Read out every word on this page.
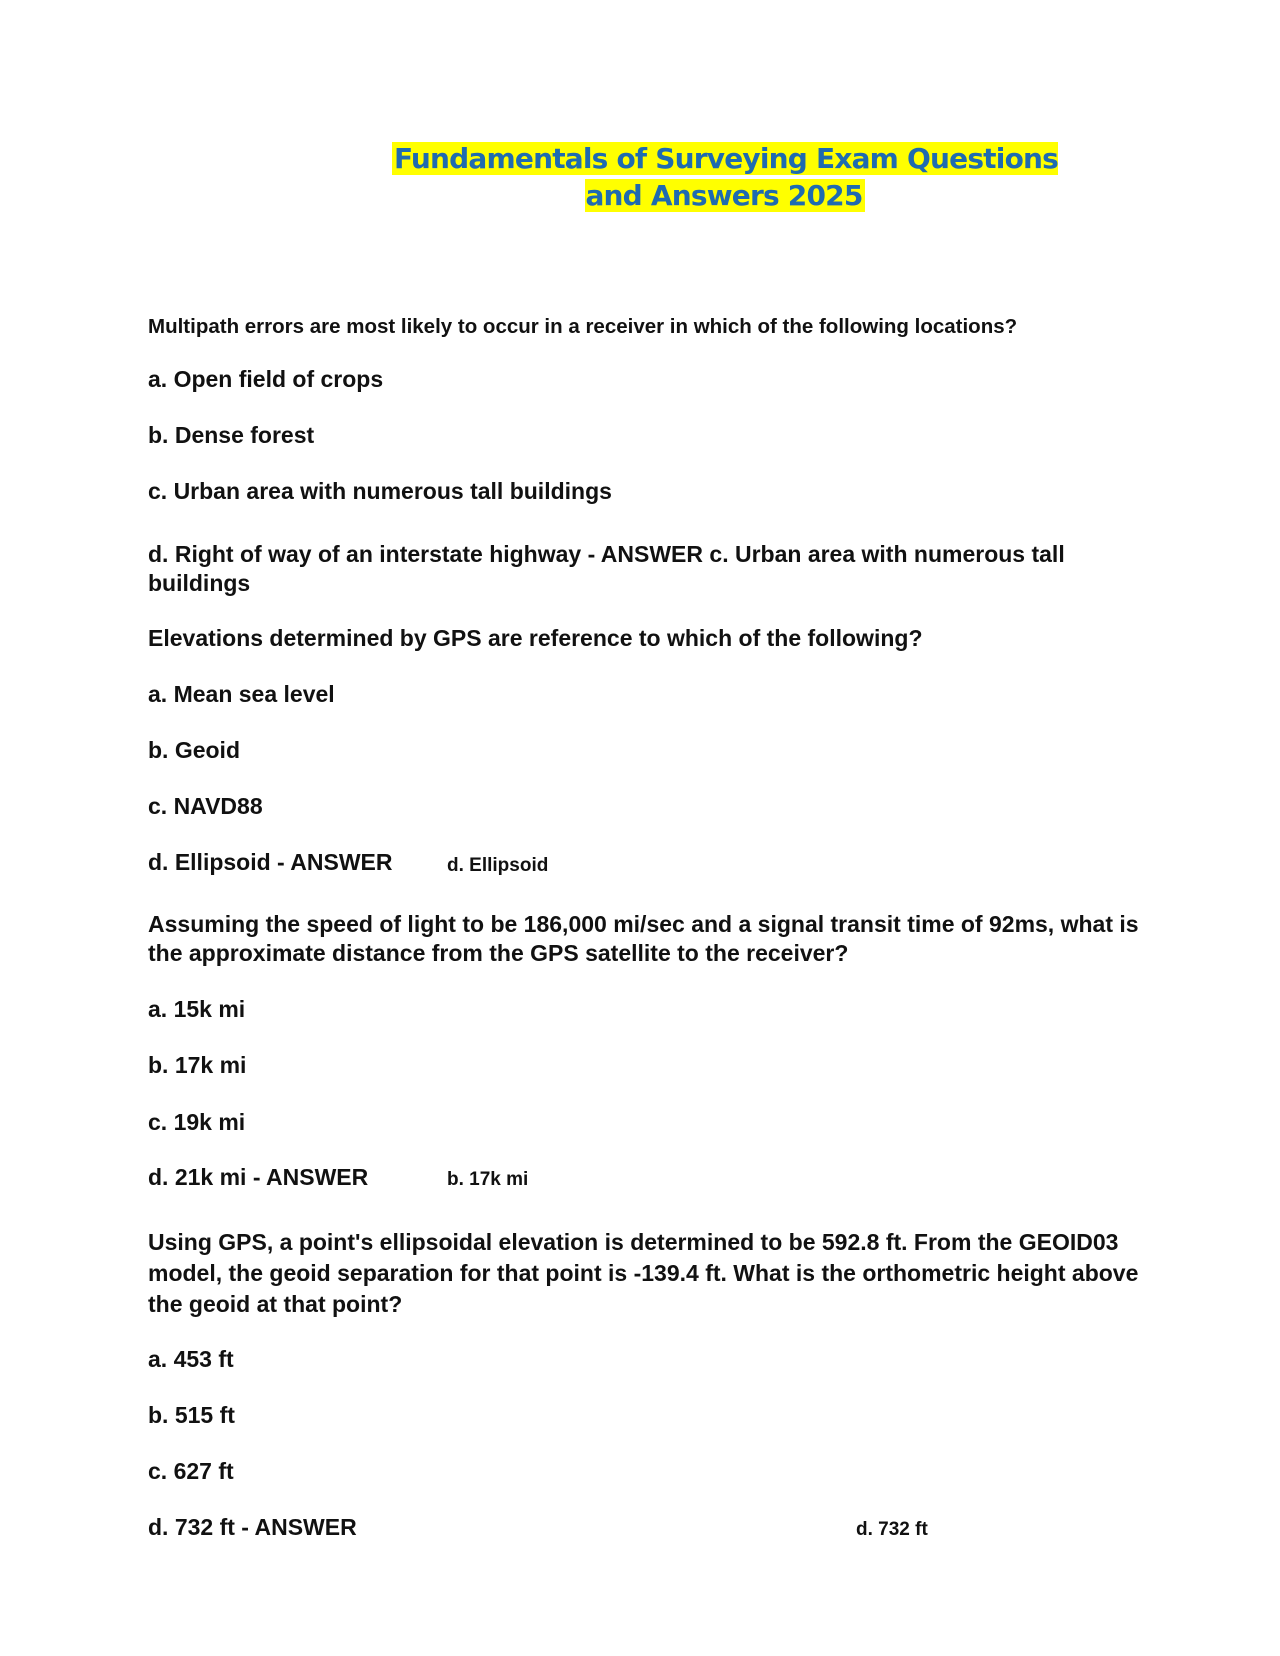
Fundamentals of Surveying Exam Questions and Answers 2025
Multipath errors are most likely to occur in a receiver in which of the following locations?
a. Open field of crops
b. Dense forest
c. Urban area with numerous tall buildings
d. Right of way of an interstate highway - ANSWER c. Urban area with numerous tall buildings
Elevations determined by GPS are reference to which of the following?
a. Mean sea level
b. Geoid
c. NAVD88
d. Ellipsoid - ANSWER	d. Ellipsoid
Assuming the speed of light to be 186,000 mi/sec and a signal transit time of 92ms, what is the approximate distance from the GPS satellite to the receiver?
a. 15k mi
b. 17k mi
c. 19k mi
d. 21k mi - ANSWER	b. 17k mi
Using GPS, a point's ellipsoidal elevation is determined to be 592.8 ft. From the GEOID03 model, the geoid separation for that point is -139.4 ft. What is the orthometric height above the geoid at that point?
a. 453 ft
b. 515 ft
c. 627 ft
d. 732 ft - ANSWER	d. 732 ft
